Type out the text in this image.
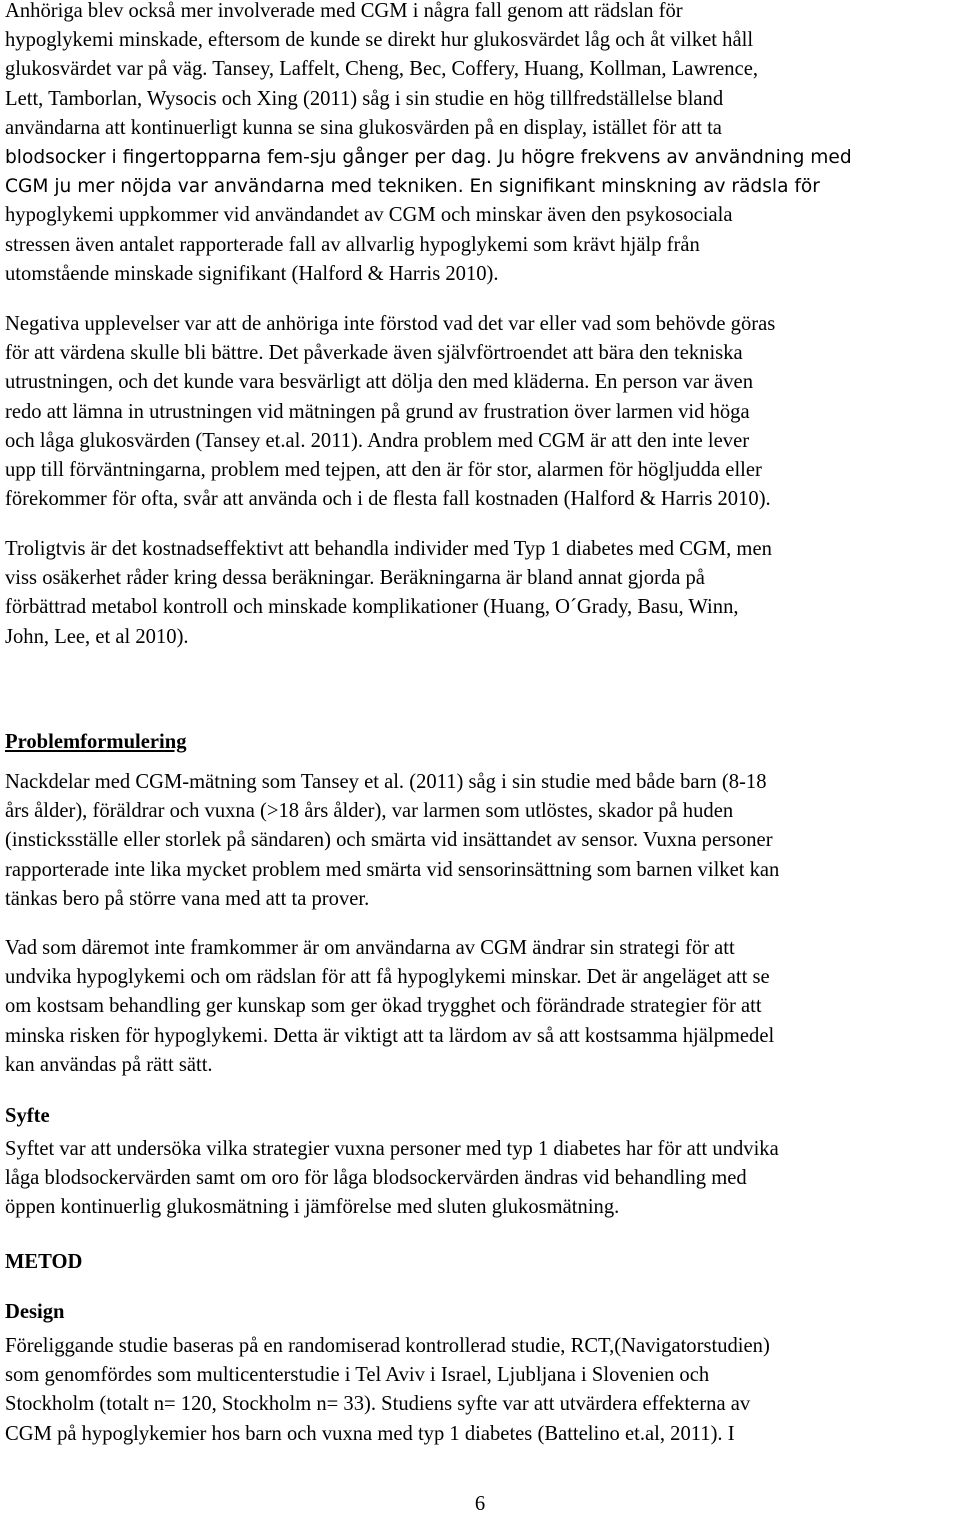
Anhöriga blev också mer involverade med CGM i några fall genom att rädslan för
hypoglykemi minskade, eftersom de kunde se direkt hur glukosvärdet låg och åt vilket håll
glukosvärdet var på väg. Tansey, Laffelt, Cheng, Bec, Coffery, Huang, Kollman, Lawrence,
Lett, Tamborlan, Wysocis och Xing (2011) såg i sin studie en hög tillfredställelse bland
användarna att kontinuerligt kunna se sina glukosvärden på en display, istället för att ta
blodsocker i fingertopparna fem-sju gånger per dag. Ju högre frekvens av användning med
CGM ju mer nöjda var användarna med tekniken. En signifikant minskning av rädsla för
hypoglykemi uppkommer vid användandet av CGM och minskar även den psykosociala
stressen även antalet rapporterade fall av allvarlig hypoglykemi som krävt hjälp från
utomstående minskade signifikant (Halford & Harris 2010).

Negativa upplevelser var att de anhöriga inte förstod vad det var eller vad som behövde göras
för att värdena skulle bli bättre. Det påverkade även självförtroendet att bära den tekniska
utrustningen, och det kunde vara besvärligt att dölja den med kläderna. En person var även
redo att lämna in utrustningen vid mätningen på grund av frustration över larmen vid höga
och låga glukosvärden (Tansey et.al. 2011). Andra problem med CGM är att den inte lever
upp till förväntningarna, problem med tejpen, att den är för stor, alarmen för högljudda eller
förekommer för ofta, svår att använda och i de flesta fall kostnaden (Halford & Harris 2010).

Troligtvis är det kostnadseffektivt att behandla individer med Typ 1 diabetes med CGM, men
viss osäkerhet råder kring dessa beräkningar. Beräkningarna är bland annat gjorda på
förbättrad metabol kontroll och minskade komplikationer (Huang, O´Grady, Basu, Winn,
John, Lee, et al 2010).

Problemformulering

Nackdelar med CGM-mätning som Tansey et al. (2011) såg i sin studie med både barn (8-18
års ålder), föräldrar och vuxna (>18 års ålder), var larmen som utlöstes, skador på huden
(insticksställe eller storlek på sändaren) och smärta vid insättandet av sensor. Vuxna personer
rapporterade inte lika mycket problem med smärta vid sensorinsättning som barnen vilket kan
tänkas bero på större vana med att ta prover.

Vad som däremot inte framkommer är om användarna av CGM ändrar sin strategi för att
undvika hypoglykemi och om rädslan för att få hypoglykemi minskar. Det är angeläget att se
om kostsam behandling ger kunskap som ger ökad trygghet och förändrade strategier för att
minska risken för hypoglykemi. Detta är viktigt att ta lärdom av så att kostsamma hjälpmedel
kan användas på rätt sätt.

Syfte

Syftet var att undersöka vilka strategier vuxna personer med typ 1 diabetes har för att undvika
låga blodsockervärden samt om oro för låga blodsockervärden ändras vid behandling med
öppen kontinuerlig glukosmätning i jämförelse med sluten glukosmätning.

METOD

Design

Föreliggande studie baseras på en randomiserad kontrollerad studie, RCT,(Navigatorstudien)
som genomfördes som multicenterstudie i Tel Aviv i Israel, Ljubljana i Slovenien och
Stockholm (totalt n= 120, Stockholm n= 33). Studiens syfte var att utvärdera effekterna av
CGM på hypoglykemier hos barn och vuxna med typ 1 diabetes (Battelino et.al, 2011). I

6
